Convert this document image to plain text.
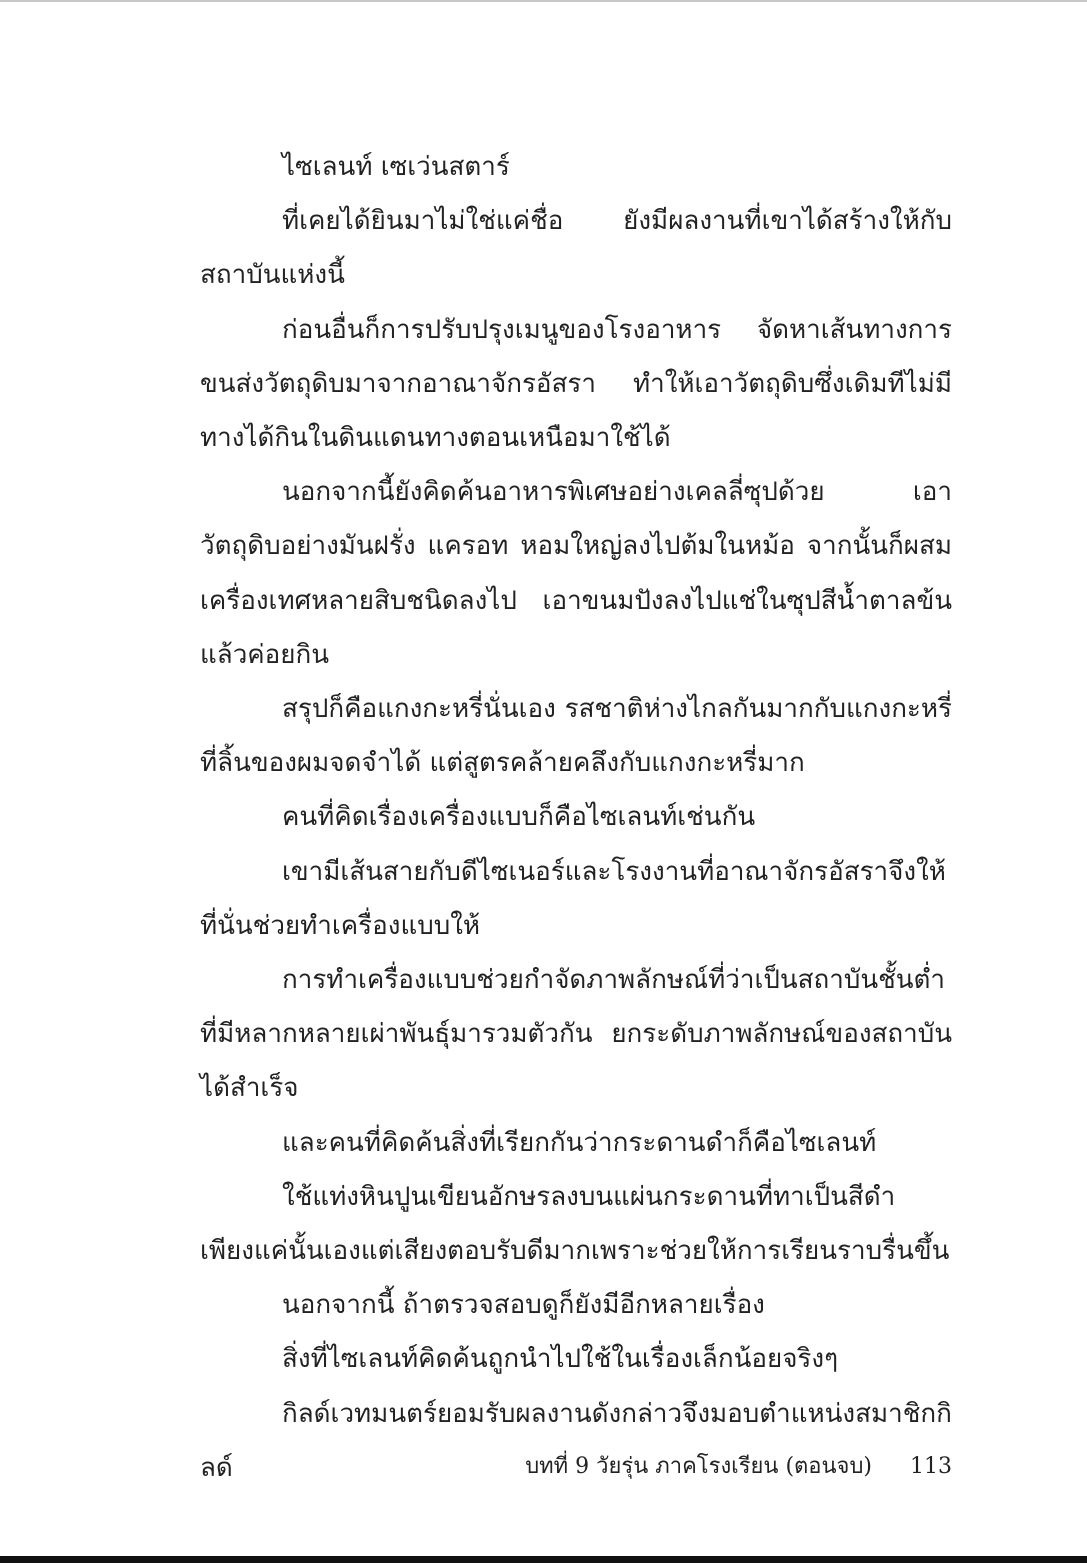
ไซเลนท์ เซเว่นสตาร์

ที่เคยได้ยินมาไม่ใช่แค่ชื่อ ยังมีผลงานที่เขาได้สร้างให้กับสถาบันแห่งนี้

ก่อนอื่นก็การปรับปรุงเมนูของโรงอาหาร จัดหาเส้นทางการขนส่งวัตถุดิบมาจากอาณาจักรอัสรา ทำให้เอาวัตถุดิบซึ่งเดิมทีไม่มีทางได้กินในดินแดนทางตอนเหนือมาใช้ได้

นอกจากนี้ยังคิดค้นอาหารพิเศษอย่างเคลลี่ซุปด้วย เอาวัตถุดิบอย่างมันฝรั่ง แครอท หอมใหญ่ลงไปต้มในหม้อ จากนั้นก็ผสมเครื่องเทศหลายสิบชนิดลงไป เอาขนมปังลงไปแช่ในซุปสีน้ำตาลข้นแล้วค่อยกิน

สรุปก็คือแกงกะหรี่นั่นเอง รสชาติห่างไกลกันมากกับแกงกะหรี่ที่ลิ้นของผมจดจำได้ แต่สูตรคล้ายคลึงกับแกงกะหรี่มาก

คนที่คิดเรื่องเครื่องแบบก็คือไซเลนท์เช่นกัน

เขามีเส้นสายกับดีไซเนอร์และโรงงานที่อาณาจักรอัสราจึงให้ที่นั่นช่วยทำเครื่องแบบให้

การทำเครื่องแบบช่วยกำจัดภาพลักษณ์ที่ว่าเป็นสถาบันชั้นต่ำที่มีหลากหลายเผ่าพันธุ์มารวมตัวกัน ยกระดับภาพลักษณ์ของสถาบันได้สำเร็จ

และคนที่คิดค้นสิ่งที่เรียกกันว่ากระดานดำก็คือไซเลนท์

ใช้แท่งหินปูนเขียนอักษรลงบนแผ่นกระดานที่ทาเป็นสีดำ เพียงแค่นั้นเองแต่เสียงตอบรับดีมากเพราะช่วยให้การเรียนราบรื่นขึ้น

นอกจากนี้ ถ้าตรวจสอบดูก็ยังมีอีกหลายเรื่อง

สิ่งที่ไซเลนท์คิดค้นถูกนำไปใช้ในเรื่องเล็กน้อยจริงๆ

กิลด์เวทมนตร์ยอมรับผลงานดังกล่าวจึงมอบตำแหน่งสมาชิกกิลด์	บทที่ 9 วัยรุ่น ภาคโรงเรียน (ตอนจบ) 113
